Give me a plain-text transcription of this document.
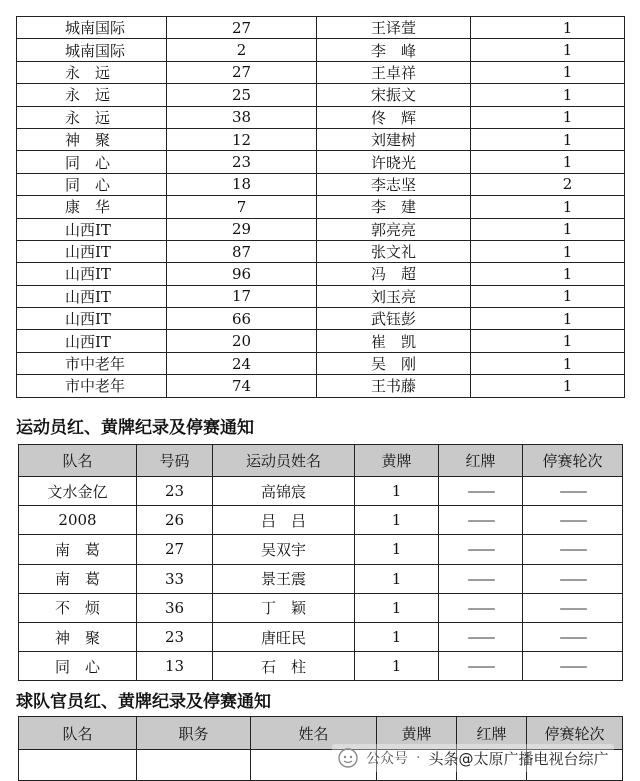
城南国际	27	王译萱	1
城南国际	2	李　峰	1
永　远	27	王卓祥	1
永　远	25	宋振文	1
永　远	38	佟　辉	1
神　聚	12	刘建树	1
同　心	23	许晓光	1
同　心	18	李志坚	2
康　华	7	李　建	1
山西IT	29	郭亮亮	1
山西IT	87	张文礼	1
山西IT	96	冯　超	1
山西IT	17	刘玉亮	1
山西IT	66	武钰彭	1
山西IT	20	崔　凯	1
市中老年	24	吴　刚	1
市中老年	74	王书藤	1
运动员红、黄牌纪录及停赛通知
队名	号码	运动员姓名	黄牌	红牌	停赛轮次
文水金亿	23	高锦宸	1	——	——
2008	26	吕　吕	1	——	——
南　葛	27	吴双宇	1	——	——
南　葛	33	景王震	1	——	——
不　烦	36	丁　颖	1	——	——
神　聚	23	唐旺民	1	——	——
同　心	13	石　柱	1	——	——
球队官员红、黄牌纪录及停赛通知
队名	职务	姓名	黄牌	红牌	停赛轮次

公众号 · 头条@太原广播电视台综广
